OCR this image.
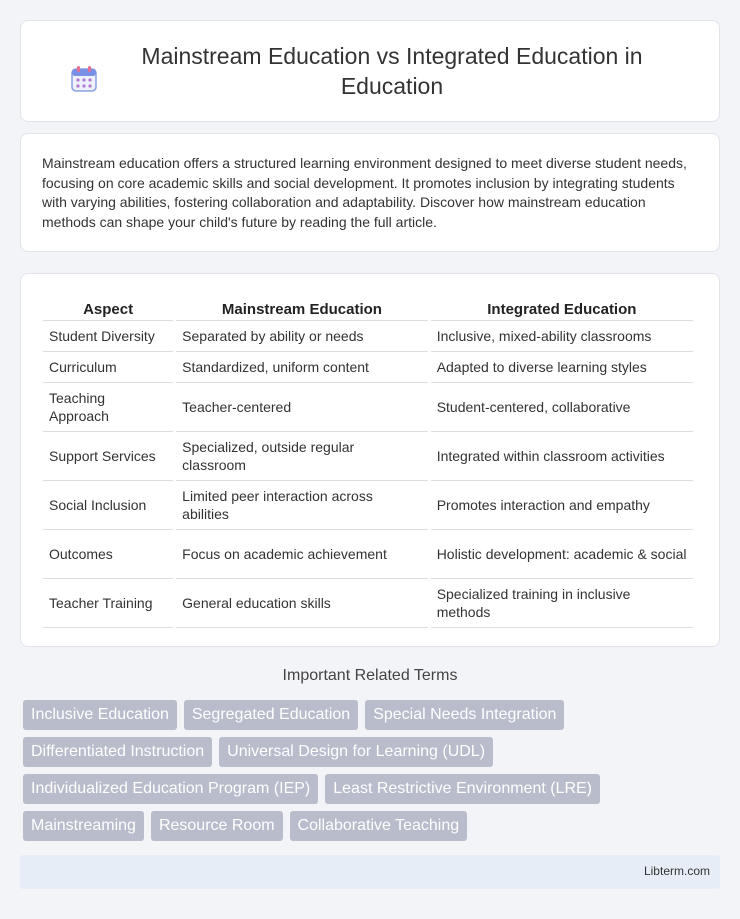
Mainstream Education vs Integrated Education in Education

Mainstream education offers a structured learning environment designed to meet diverse student needs, focusing on core academic skills and social development. It promotes inclusion by integrating students with varying abilities, fostering collaboration and adaptability. Discover how mainstream education methods can shape your child's future by reading the full article.

Aspect	Mainstream Education	Integrated Education
Student Diversity	Separated by ability or needs	Inclusive, mixed-ability classrooms
Curriculum	Standardized, uniform content	Adapted to diverse learning styles
Teaching Approach	Teacher-centered	Student-centered, collaborative
Support Services	Specialized, outside regular classroom	Integrated within classroom activities
Social Inclusion	Limited peer interaction across abilities	Promotes interaction and empathy
Outcomes	Focus on academic achievement	Holistic development: academic & social
Teacher Training	General education skills	Specialized training in inclusive methods
Important Related Terms
Inclusive Education	Segregated Education	Special Needs Integration
Differentiated Instruction	Universal Design for Learning (UDL)
Individualized Education Program (IEP)	Least Restrictive Environment (LRE)
Mainstreaming	Resource Room	Collaborative Teaching
Libterm.com
